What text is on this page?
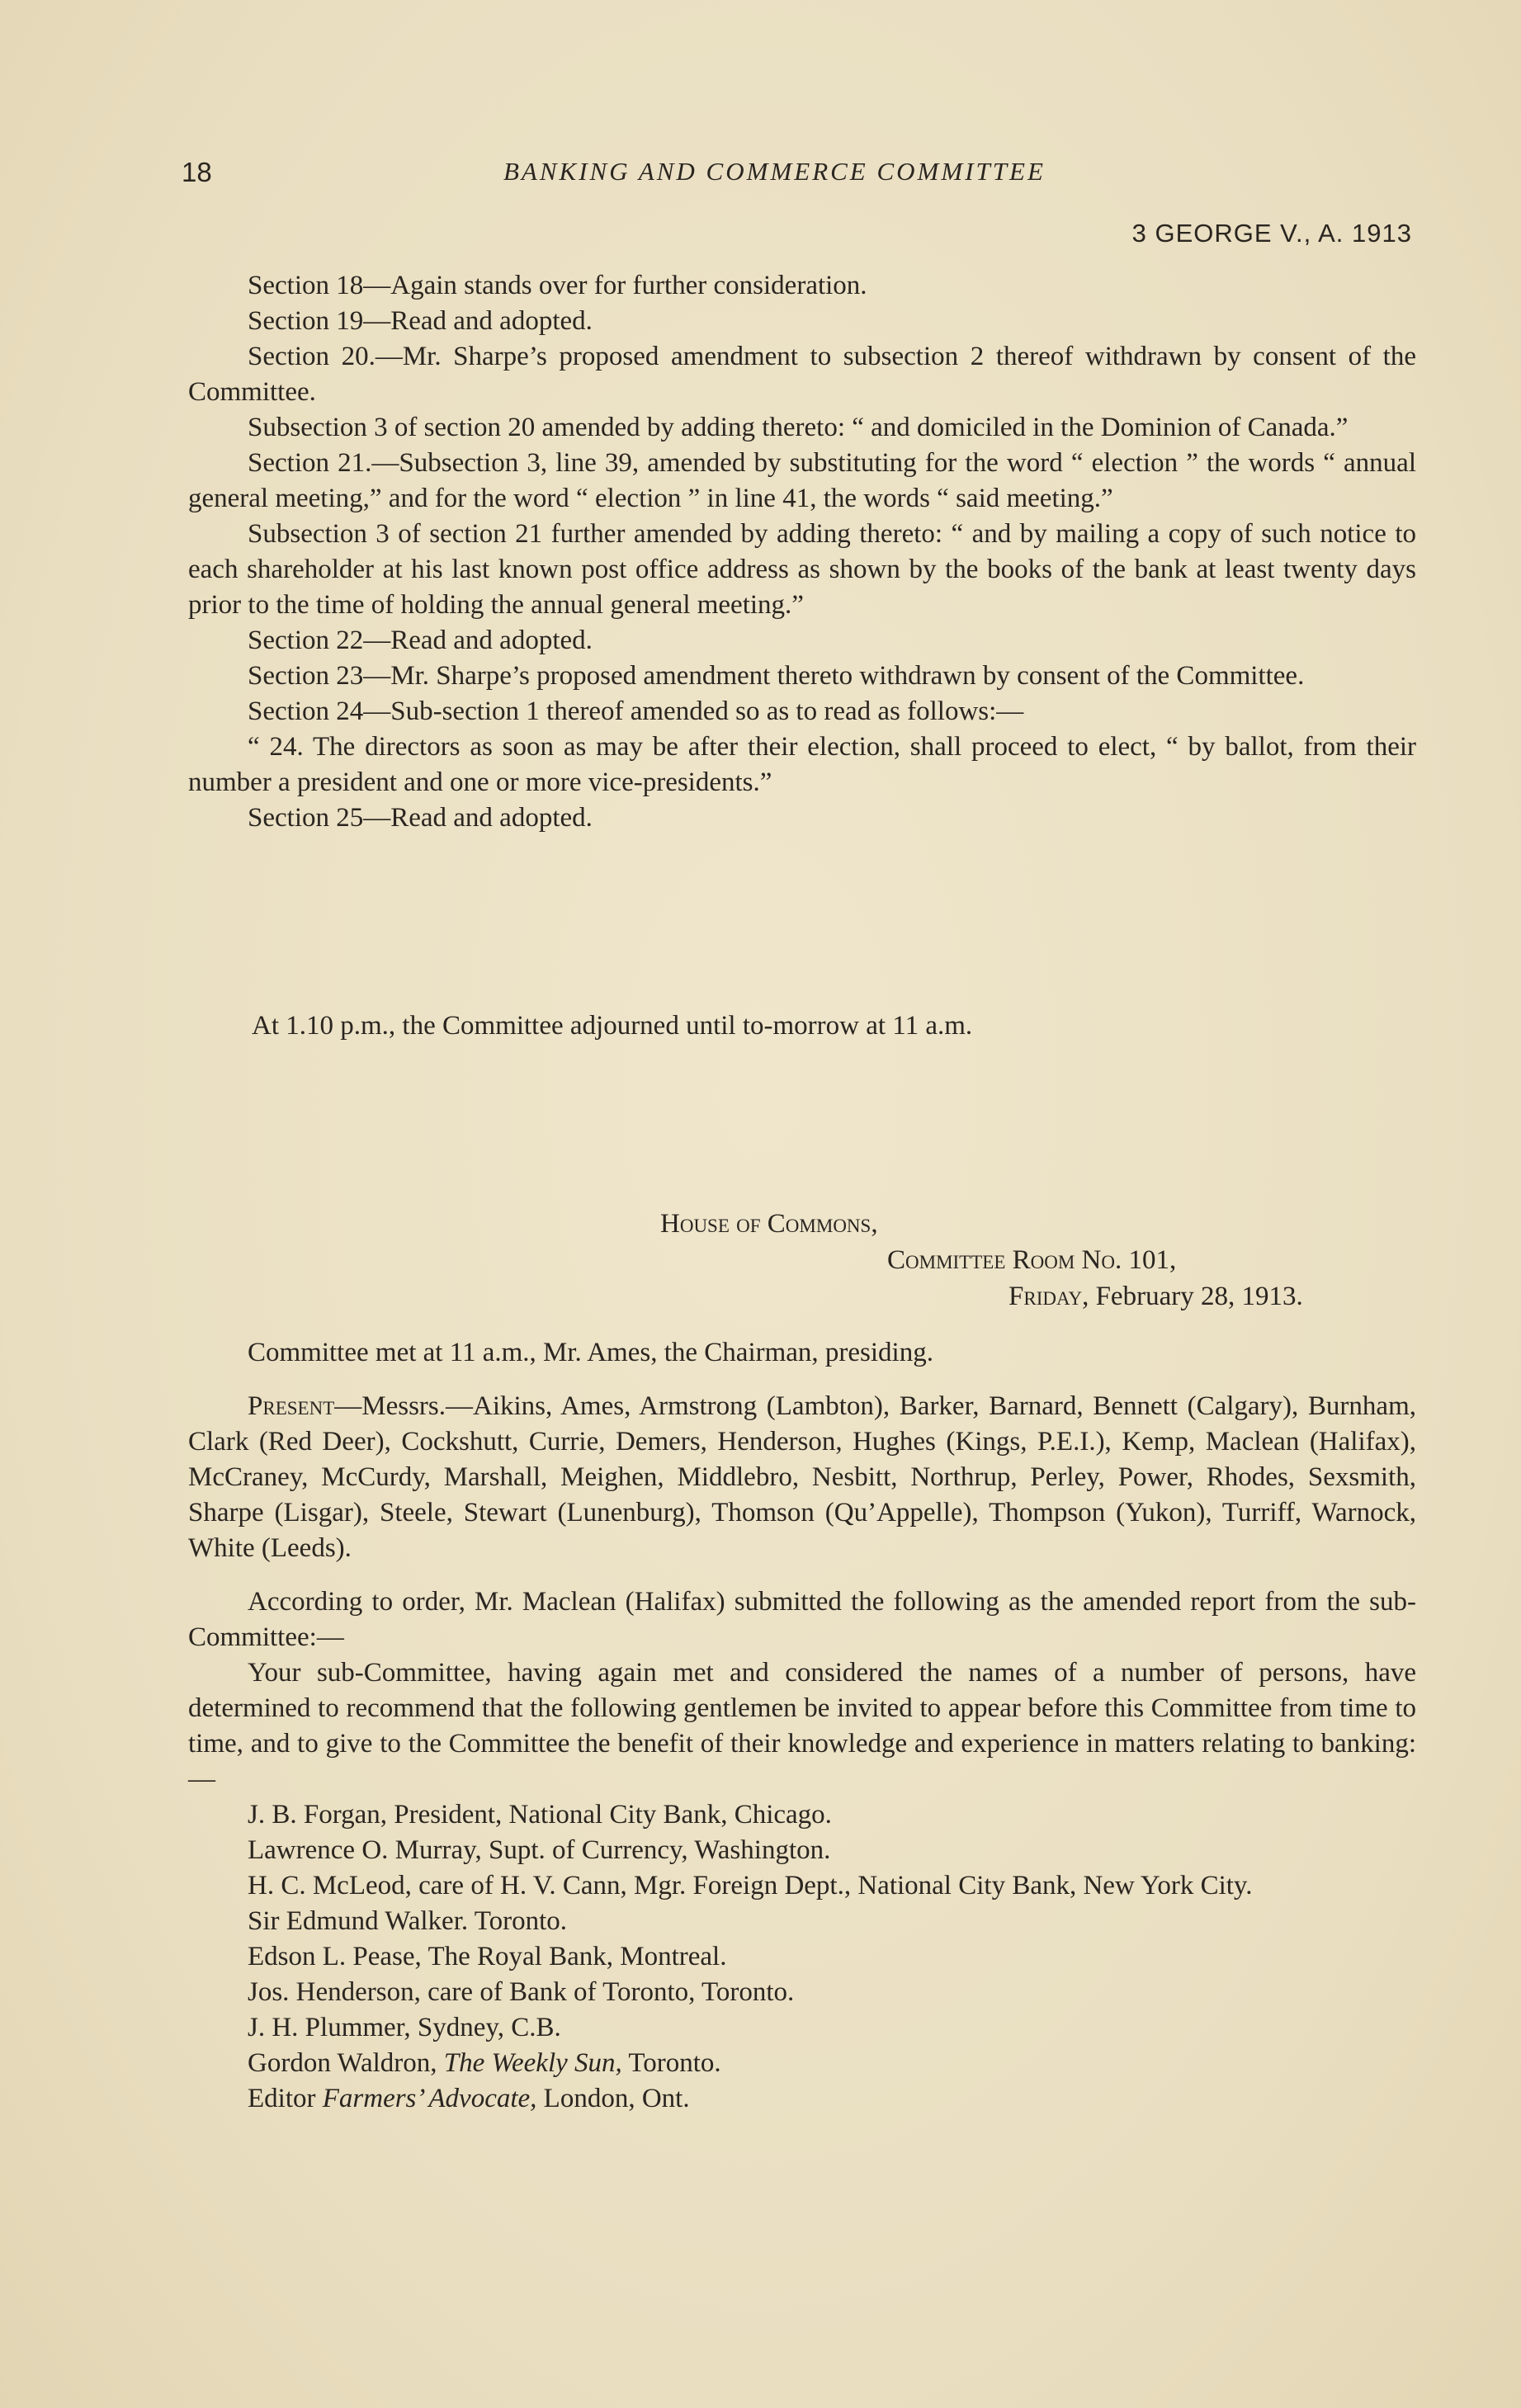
18	BANKING AND COMMERCE COMMITTEE
3 GEORGE V., A. 1913

Section 18—Again stands over for further consideration.

Section 19—Read and adopted.

Section 20.—Mr. Sharpe’s proposed amendment to subsection 2 thereof withdrawn by consent of the Committee.

Subsection 3 of section 20 amended by adding thereto: “ and domiciled in the Dominion of Canada.”

Section 21.—Subsection 3, line 39, amended by substituting for the word “ election ” the words “ annual general meeting,” and for the word “ election ” in line 41, the words “ said meeting.”

Subsection 3 of section 21 further amended by adding thereto: “ and by mailing a copy of such notice to each shareholder at his last known post office address as shown by the books of the bank at least twenty days prior to the time of holding the annual general meeting.”

Section 22—Read and adopted.

Section 23—Mr. Sharpe’s proposed amendment thereto withdrawn by consent of the Committee.

Section 24—Sub-section 1 thereof amended so as to read as follows:—

“ 24. The directors as soon as may be after their election, shall proceed to elect, “ by ballot, from their number a president and one or more vice-presidents.”

Section 25—Read and adopted.

At 1.10 p.m., the Committee adjourned until to-morrow at 11 a.m.
House of Commons,
Committee Room No. 101,
Friday, February 28, 1913.

Committee met at 11 a.m., Mr. Ames, the Chairman, presiding.

Present—Messrs.—Aikins, Ames, Armstrong (Lambton), Barker, Barnard, Bennett (Calgary), Burnham, Clark (Red Deer), Cockshutt, Currie, Demers, Henderson, Hughes (Kings, P.E.I.), Kemp, Maclean (Halifax), McCraney, McCurdy, Marshall, Meighen, Middlebro, Nesbitt, Northrup, Perley, Power, Rhodes, Sexsmith, Sharpe (Lisgar), Steele, Stewart (Lunenburg), Thomson (Qu’Appelle), Thompson (Yukon), Turriff, Warnock, White (Leeds).

According to order, Mr. Maclean (Halifax) submitted the following as the amended report from the sub-Committee:—

Your sub-Committee, having again met and considered the names of a number of persons, have determined to recommend that the following gentlemen be invited to appear before this Committee from time to time, and to give to the Committee the benefit of their knowledge and experience in matters relating to banking:—

J. B. Forgan, President, National City Bank, Chicago.

Lawrence O. Murray, Supt. of Currency, Washington.

H. C. McLeod, care of H. V. Cann, Mgr. Foreign Dept., National City Bank, New York City.

Sir Edmund Walker. Toronto.

Edson L. Pease, The Royal Bank, Montreal.

Jos. Henderson, care of Bank of Toronto, Toronto.

J. H. Plummer, Sydney, C.B.

Gordon Waldron, The Weekly Sun, Toronto.

Editor Farmers’ Advocate, London, Ont.
